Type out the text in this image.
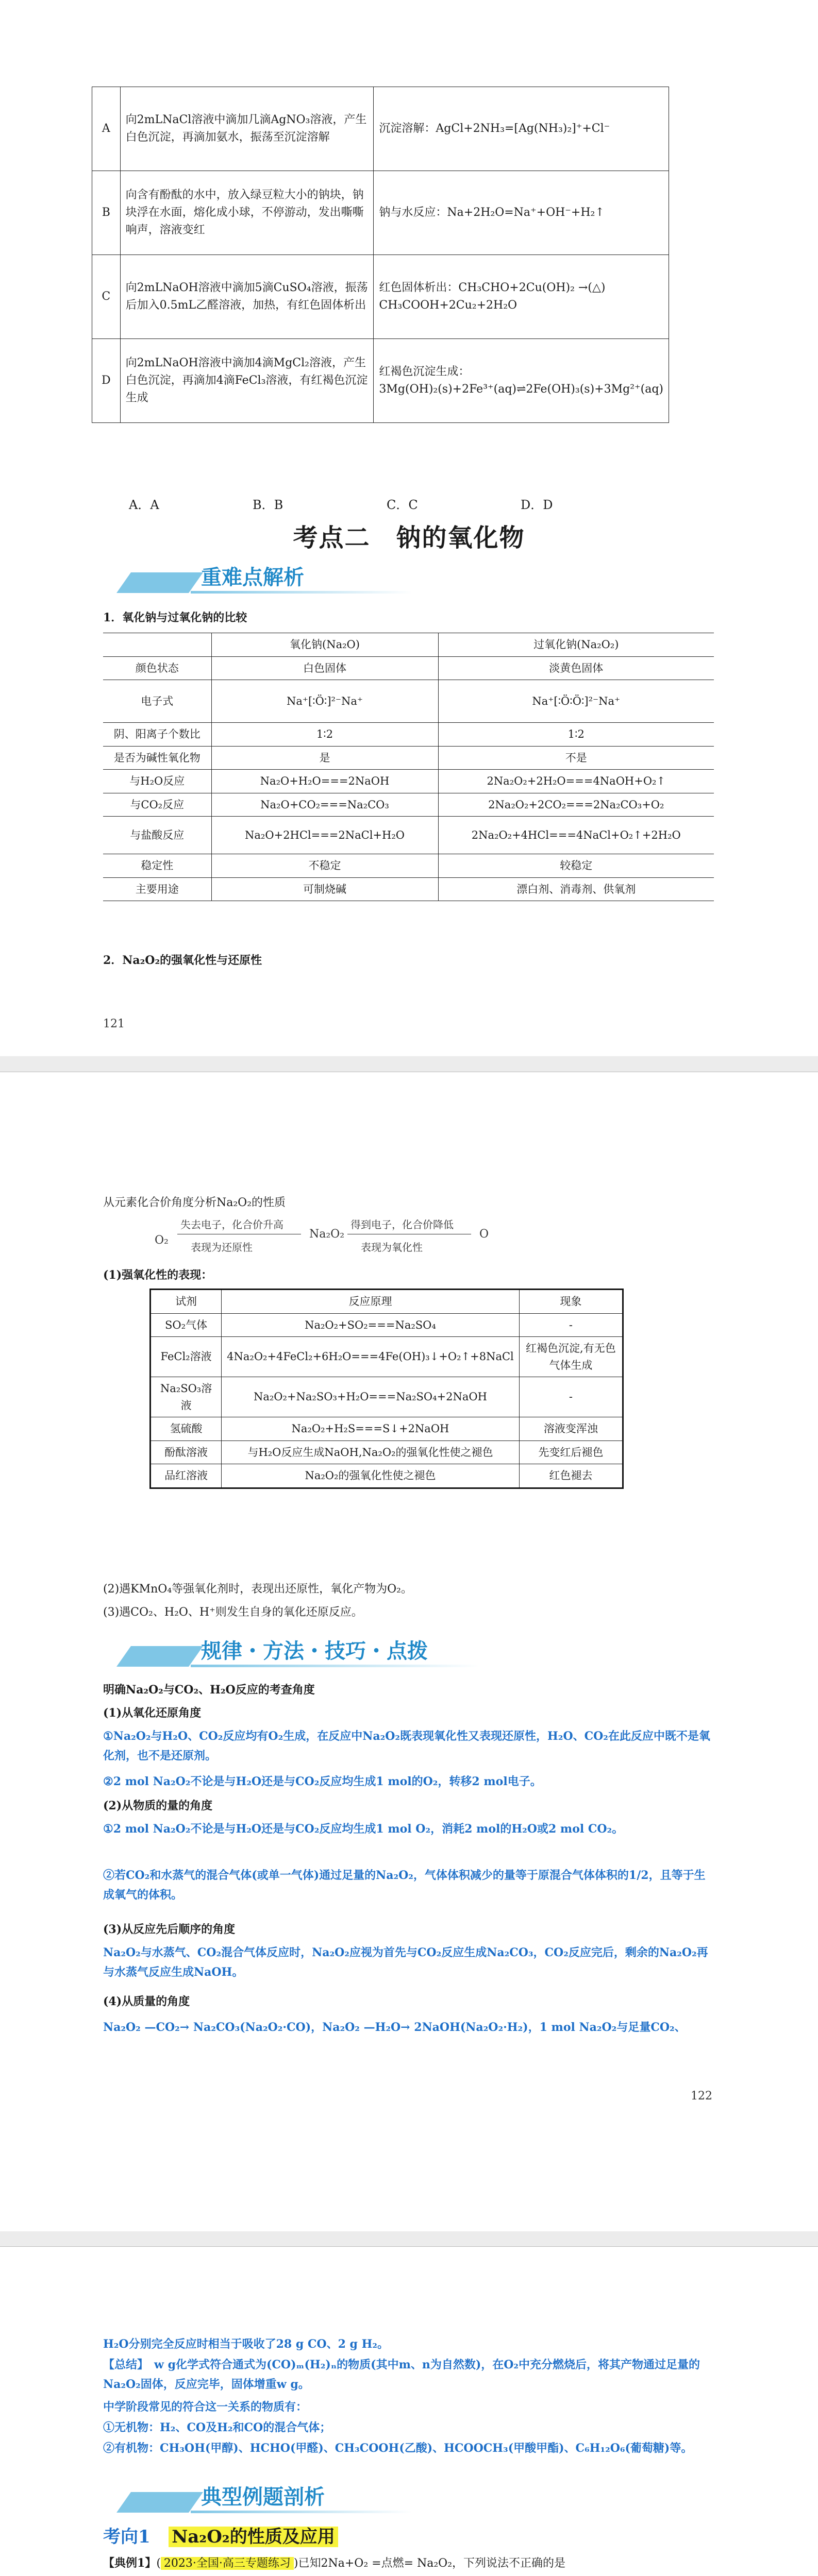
A	向2mLNaCl溶液中滴加几滴AgNO₃溶液，产生白色沉淀，再滴加氨水，振荡至沉淀溶解	沉淀溶解：AgCl+2NH₃=[Ag(NH₃)₂]⁺+Cl⁻
B	向含有酚酞的水中，放入绿豆粒大小的钠块，钠块浮在水面，熔化成小球，不停游动，发出嘶嘶响声，溶液变红	钠与水反应：Na+2H₂O=Na⁺+OH⁻+H₂↑
C	向2mLNaOH溶液中滴加5滴CuSO₄溶液，振荡后加入0.5mL乙醛溶液，加热，有红色固体析出	红色固体析出：CH₃CHO+2Cu(OH)₂ →(△) CH₃COOH+2Cu₂+2H₂O
D	向2mLNaOH溶液中滴加4滴MgCl₂溶液，产生白色沉淀，再滴加4滴FeCl₃溶液，有红褐色沉淀生成	红褐色沉淀生成：3Mg(OH)₂(s)+2Fe³⁺(aq)⇌2Fe(OH)₃(s)+3Mg²⁺(aq)
A．A	B．B	C．C	D．D
考点二　钠的氧化物
重难点解析
1．氧化钠与过氧化钠的比较
	氧化钠(Na₂O)	过氧化钠(Na₂O₂)
颜色状态	白色固体	淡黄色固体
电子式	Na⁺[∶Ö∶]²⁻Na⁺	Na⁺[∶Ö∶Ö∶]²⁻Na⁺
阴、阳离子个数比	1∶2	1∶2
是否为碱性氧化物	是	不是
与H₂O反应	Na₂O+H₂O===2NaOH	2Na₂O₂+2H₂O===4NaOH+O₂↑
与CO₂反应	Na₂O+CO₂===Na₂CO₃	2Na₂O₂+2CO₂===2Na₂CO₃+O₂
与盐酸反应	Na₂O+2HCl===2NaCl+H₂O	2Na₂O₂+4HCl===4NaCl+O₂↑+2H₂O
稳定性	不稳定	较稳定
主要用途	可制烧碱	漂白剂、消毒剂、供氧剂
2．Na₂O₂的强氧化性与还原性
121
从元素化合价角度分析Na₂O₂的性质
O₂
失去电子，化合价升高
表现为还原性
Na₂O₂
得到电子，化合价降低
表现为氧化性
O
(1)强氧化性的表现：
试剂	反应原理	现象
SO₂气体	Na₂O₂+SO₂===Na₂SO₄	-
FeCl₂溶液	4Na₂O₂+4FeCl₂+6H₂O===4Fe(OH)₃↓+O₂↑+8NaCl	红褐色沉淀,有无色气体生成
Na₂SO₃溶液	Na₂O₂+Na₂SO₃+H₂O===Na₂SO₄+2NaOH	-
氢硫酸	Na₂O₂+H₂S===S↓+2NaOH	溶液变浑浊
酚酞溶液	与H₂O反应生成NaOH,Na₂O₂的强氧化性使之褪色	先变红后褪色
品红溶液	Na₂O₂的强氧化性使之褪色	红色褪去
(2)遇KMnO₄等强氧化剂时，表现出还原性，氧化产物为O₂。
(3)遇CO₂、H₂O、H⁺则发生自身的氧化还原反应。
规律・方法・技巧・点拨
明确Na₂O₂与CO₂、H₂O反应的考查角度
(1)从氧化还原角度
①Na₂O₂与H₂O、CO₂反应均有O₂生成，在反应中Na₂O₂既表现氧化性又表现还原性，H₂O、CO₂在此反应中既不是氧化剂，也不是还原剂。
②2 mol Na₂O₂不论是与H₂O还是与CO₂反应均生成1 mol的O₂，转移2 mol电子。
(2)从物质的量的角度
①2 mol Na₂O₂不论是与H₂O还是与CO₂反应均生成1 mol O₂，消耗2 mol的H₂O或2 mol CO₂。
②若CO₂和水蒸气的混合气体(或单一气体)通过足量的Na₂O₂，气体体积减少的量等于原混合气体体积的1/2，且等于生成氧气的体积。
(3)从反应先后顺序的角度
Na₂O₂与水蒸气、CO₂混合气体反应时，Na₂O₂应视为首先与CO₂反应生成Na₂CO₃，CO₂反应完后，剩余的Na₂O₂再与水蒸气反应生成NaOH。
(4)从质量的角度
Na₂O₂ —CO₂→ Na₂CO₃(Na₂O₂·CO)，Na₂O₂ —H₂O→ 2NaOH(Na₂O₂·H₂)，1 mol Na₂O₂与足量CO₂、
122
H₂O分别完全反应时相当于吸收了28 g CO、2 g H₂。
【总结】　w g化学式符合通式为(CO)ₘ(H₂)ₙ的物质(其中m、n为自然数)，在O₂中充分燃烧后，将其产物通过足量的Na₂O₂固体，反应完毕，固体增重w g。
中学阶段常见的符合这一关系的物质有：
①无机物：H₂、CO及H₂和CO的混合气体；
②有机物：CH₃OH(甲醇)、HCHO(甲醛)、CH₃COOH(乙酸)、HCOOCH₃(甲酸甲酯)、C₆H₁₂O₆(葡萄糖)等。
典型例题剖析
考向1 Na₂O₂的性质及应用
【典例1】( 2023·全国·高三专题练习 )已知2Na+O₂ =点燃= Na₂O₂，下列说法不正确的是
